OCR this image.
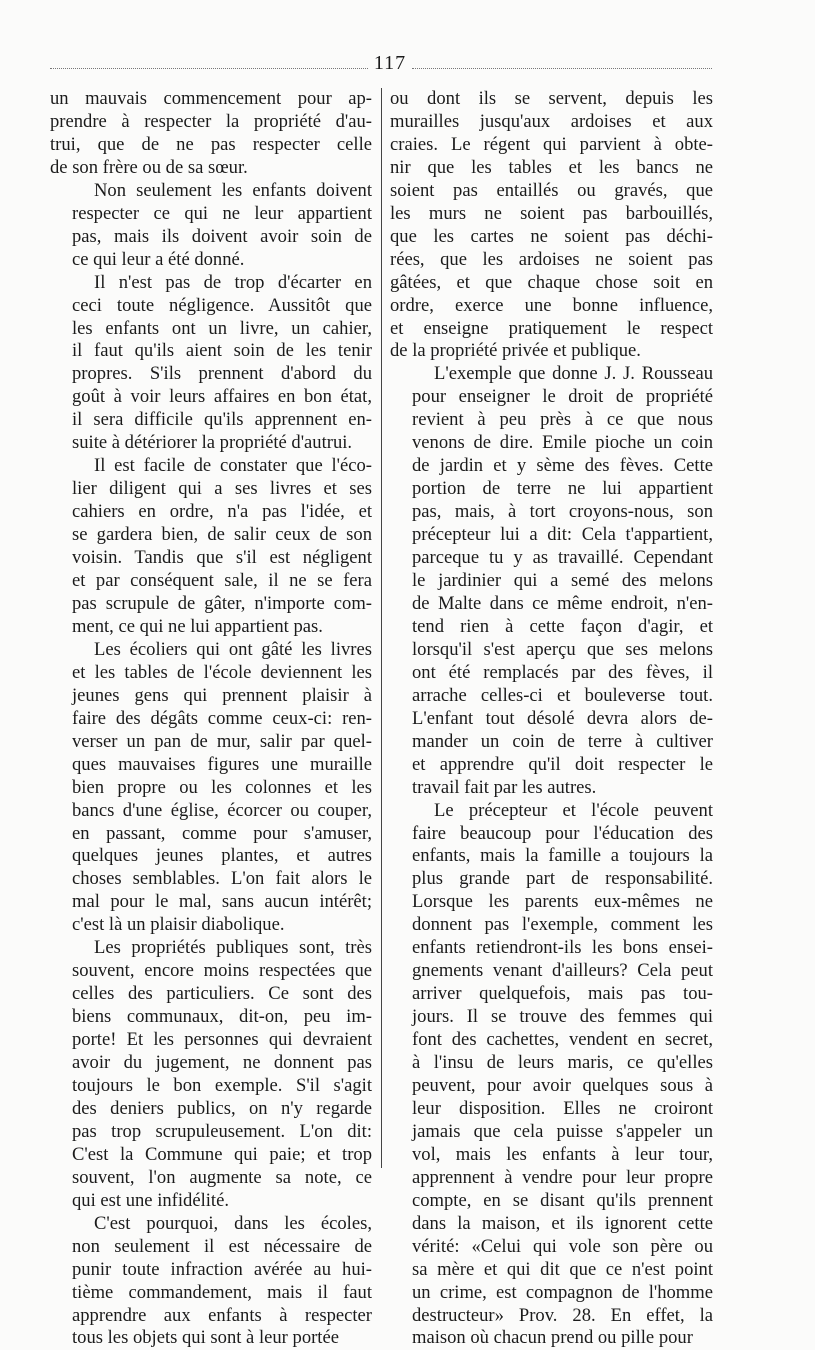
117

un mauvais commencement pour ap-
prendre à respecter la propriété d'au-
trui, que de ne pas respecter celle
de son frère ou de sa sœur.

Non seulement les enfants doivent
respecter ce qui ne leur appartient
pas, mais ils doivent avoir soin de
ce qui leur a été donné.

Il n'est pas de trop d'écarter en
ceci toute négligence. Aussitôt que
les enfants ont un livre, un cahier,
il faut qu'ils aient soin de les tenir
propres. S'ils prennent d'abord du
goût à voir leurs affaires en bon état,
il sera difficile qu'ils apprennent en-
suite à détériorer la propriété d'autrui.

Il est facile de constater que l'éco-
lier diligent qui a ses livres et ses
cahiers en ordre, n'a pas l'idée, et
se gardera bien, de salir ceux de son
voisin. Tandis que s'il est négligent
et par conséquent sale, il ne se fera
pas scrupule de gâter, n'importe com-
ment, ce qui ne lui appartient pas.

Les écoliers qui ont gâté les livres
et les tables de l'école deviennent les
jeunes gens qui prennent plaisir à
faire des dégâts comme ceux-ci: ren-
verser un pan de mur, salir par quel-
ques mauvaises figures une muraille
bien propre ou les colonnes et les
bancs d'une église, écorcer ou couper,
en passant, comme pour s'amuser,
quelques jeunes plantes, et autres
choses semblables. L'on fait alors le
mal pour le mal, sans aucun intérêt;
c'est là un plaisir diabolique.

Les propriétés publiques sont, très
souvent, encore moins respectées que
celles des particuliers. Ce sont des
biens communaux, dit-on, peu im-
porte! Et les personnes qui devraient
avoir du jugement, ne donnent pas
toujours le bon exemple. S'il s'agit
des deniers publics, on n'y regarde
pas trop scrupuleusement. L'on dit:
C'est la Commune qui paie; et trop
souvent, l'on augmente sa note, ce
qui est une infidélité.

C'est pourquoi, dans les écoles,
non seulement il est nécessaire de
punir toute infraction avérée au hui-
tième commandement, mais il faut
apprendre aux enfants à respecter
tous les objets qui sont à leur portée

ou dont ils se servent, depuis les
murailles jusqu'aux ardoises et aux
craies. Le régent qui parvient à obte-
nir que les tables et les bancs ne
soient pas entaillés ou gravés, que
les murs ne soient pas barbouillés,
que les cartes ne soient pas déchi-
rées, que les ardoises ne soient pas
gâtées, et que chaque chose soit en
ordre, exerce une bonne influence,
et enseigne pratiquement le respect
de la propriété privée et publique.

L'exemple que donne J. J. Rousseau
pour enseigner le droit de propriété
revient à peu près à ce que nous
venons de dire. Emile pioche un coin
de jardin et y sème des fèves. Cette
portion de terre ne lui appartient
pas, mais, à tort croyons-nous, son
précepteur lui a dit: Cela t'appartient,
parceque tu y as travaillé. Cependant
le jardinier qui a semé des melons
de Malte dans ce même endroit, n'en-
tend rien à cette façon d'agir, et
lorsqu'il s'est aperçu que ses melons
ont été remplacés par des fèves, il
arrache celles-ci et bouleverse tout.
L'enfant tout désolé devra alors de-
mander un coin de terre à cultiver
et apprendre qu'il doit respecter le
travail fait par les autres.

Le précepteur et l'école peuvent
faire beaucoup pour l'éducation des
enfants, mais la famille a toujours la
plus grande part de responsabilité.
Lorsque les parents eux-mêmes ne
donnent pas l'exemple, comment les
enfants retiendront-ils les bons ensei-
gnements venant d'ailleurs? Cela peut
arriver quelquefois, mais pas tou-
jours. Il se trouve des femmes qui
font des cachettes, vendent en secret,
à l'insu de leurs maris, ce qu'elles
peuvent, pour avoir quelques sous à
leur disposition. Elles ne croiront
jamais que cela puisse s'appeler un
vol, mais les enfants à leur tour,
apprennent à vendre pour leur propre
compte, en se disant qu'ils prennent
dans la maison, et ils ignorent cette
vérité: «Celui qui vole son père ou
sa mère et qui dit que ce n'est point
un crime, est compagnon de l'homme
destructeur» Prov. 28. En effet, la
maison où chacun prend ou pille pour
